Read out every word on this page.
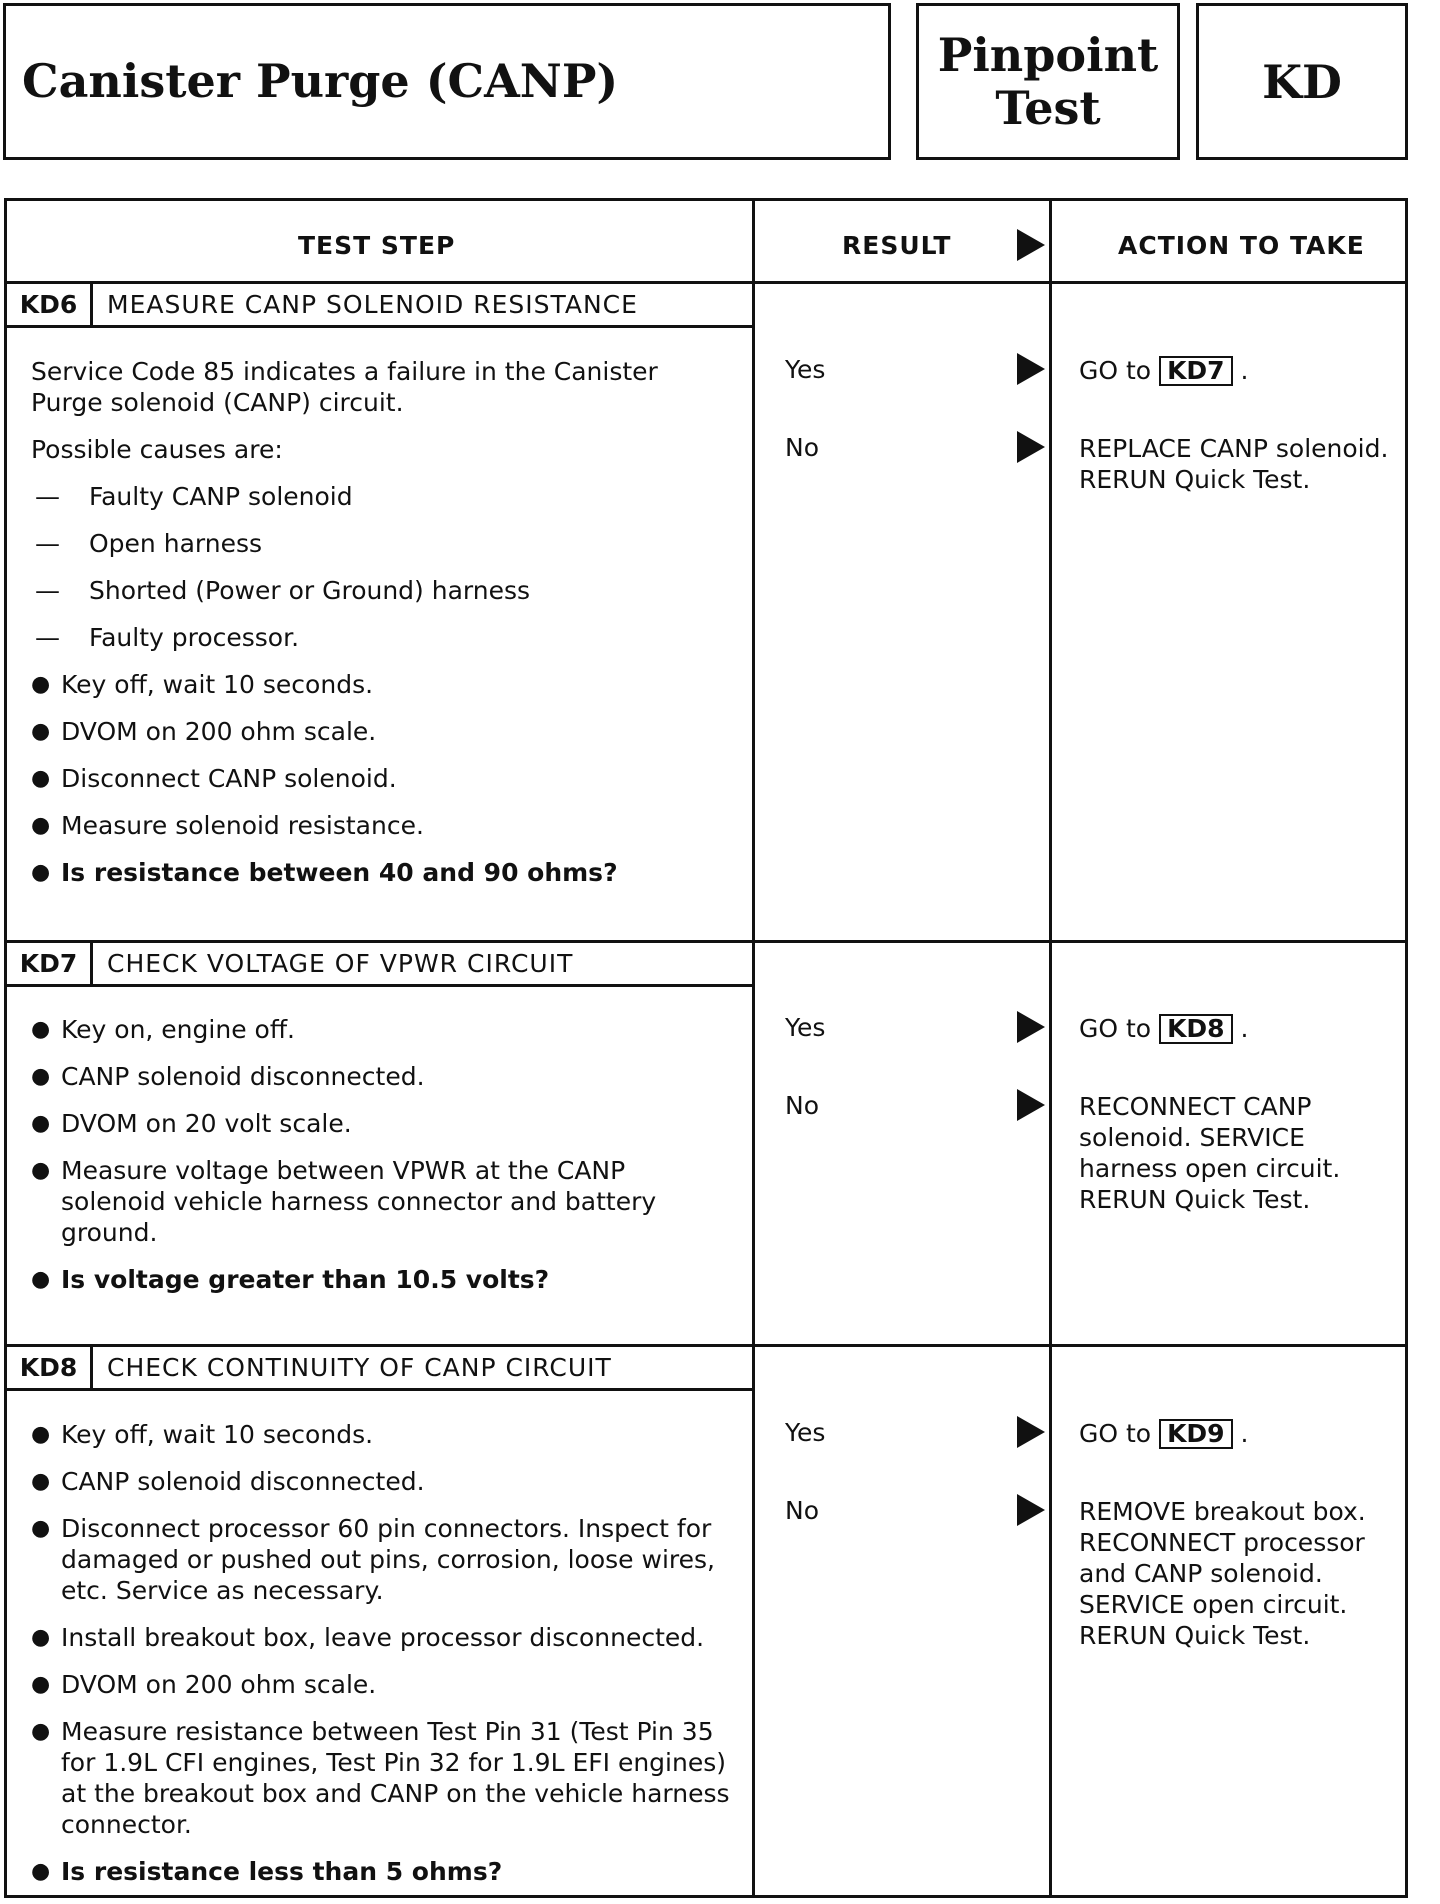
Canister Purge (CANP)	Pinpoint
Test	KD
TEST STEP	RESULT	ACTION TO TAKE
KD6	MEASURE CANP SOLENOID RESISTANCE

Service Code 85 indicates a failure in the Canister Purge solenoid (CANP) circuit.

Possible causes are:

—	Faulty CANP solenoid
—	Open harness
—	Shorted (Power or Ground) harness
—	Faulty processor.
● Key off, wait 10 seconds.
● DVOM on 200 ohm scale.
● Disconnect CANP solenoid.
● Measure solenoid resistance.
● Is resistance between 40 and 90 ohms?
Yes	GO to KD7 .
No	REPLACE CANP solenoid. RERUN Quick Test.
KD7	CHECK VOLTAGE OF VPWR CIRCUIT
● Key on, engine off.
● CANP solenoid disconnected.
● DVOM on 20 volt scale.
● Measure voltage between VPWR at the CANP solenoid vehicle harness connector and battery ground.
● Is voltage greater than 10.5 volts?
Yes	GO to KD8 .
No	RECONNECT CANP solenoid. SERVICE harness open circuit. RERUN Quick Test.
KD8	CHECK CONTINUITY OF CANP CIRCUIT
● Key off, wait 10 seconds.
● CANP solenoid disconnected.
● Disconnect processor 60 pin connectors. Inspect for damaged or pushed out pins, corrosion, loose wires, etc. Service as necessary.
● Install breakout box, leave processor disconnected.
● DVOM on 200 ohm scale.
● Measure resistance between Test Pin 31 (Test Pin 35 for 1.9L CFI engines, Test Pin 32 for 1.9L EFI engines) at the breakout box and CANP on the vehicle harness connector.
● Is resistance less than 5 ohms?
Yes	GO to KD9 .
No	REMOVE breakout box. RECONNECT processor and CANP solenoid. SERVICE open circuit. RERUN Quick Test.
